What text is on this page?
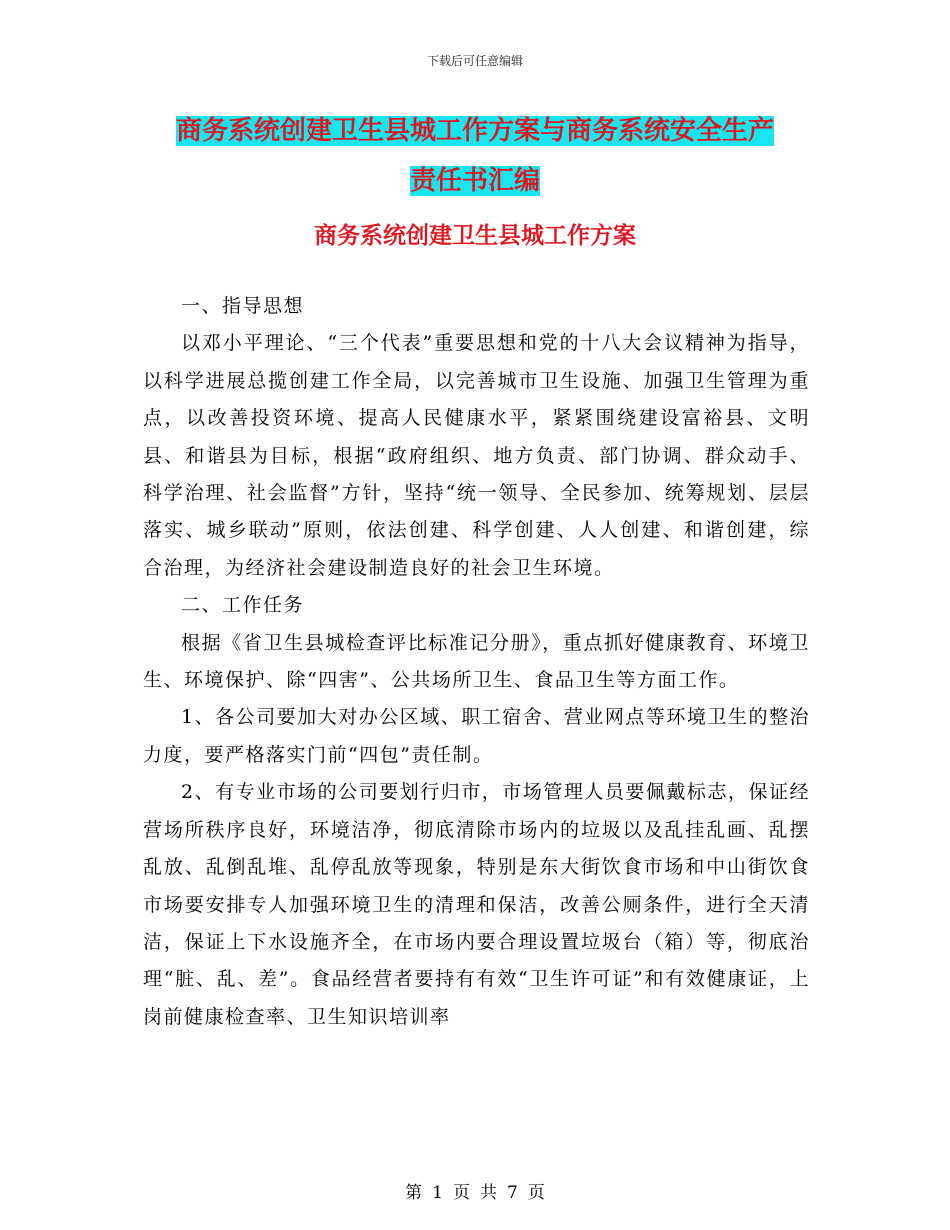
下载后可任意编辑
商务系统创建卫生县城工作方案与商务系统安全生产
责任书汇编
商务系统创建卫生县城工作方案

一、指导思想

以邓小平理论、“三个代表”重要思想和党的十八大会议精神为指导，以科学进展总揽创建工作全局，以完善城市卫生设施、加强卫生管理为重点，以改善投资环境、提高人民健康水平，紧紧围绕建设富裕县、文明县、和谐县为目标，根据“政府组织、地方负责、部门协调、群众动手、科学治理、社会监督”方针，坚持“统一领导、全民参加、统筹规划、层层落实、城乡联动”原则，依法创建、科学创建、人人创建、和谐创建，综合治理，为经济社会建设制造良好的社会卫生环境。

二、工作任务

根据《省卫生县城检查评比标准记分册》，重点抓好健康教育、环境卫生、环境保护、除“四害”、公共场所卫生、食品卫生等方面工作。

1、各公司要加大对办公区域、职工宿舍、营业网点等环境卫生的整治力度，要严格落实门前“四包”责任制。

2、有专业市场的公司要划行归市，市场管理人员要佩戴标志，保证经营场所秩序良好，环境洁净，彻底清除市场内的垃圾以及乱挂乱画、乱摆乱放、乱倒乱堆、乱停乱放等现象，特别是东大街饮食市场和中山街饮食市场要安排专人加强环境卫生的清理和保洁，改善公厕条件，进行全天清洁，保证上下水设施齐全，在市场内要合理设置垃圾台（箱）等，彻底治理“脏、乱、差”。食品经营者要持有有效“卫生许可证”和有效健康证，上岗前健康检查率、卫生知识培训率

第 1 页 共 7 页
